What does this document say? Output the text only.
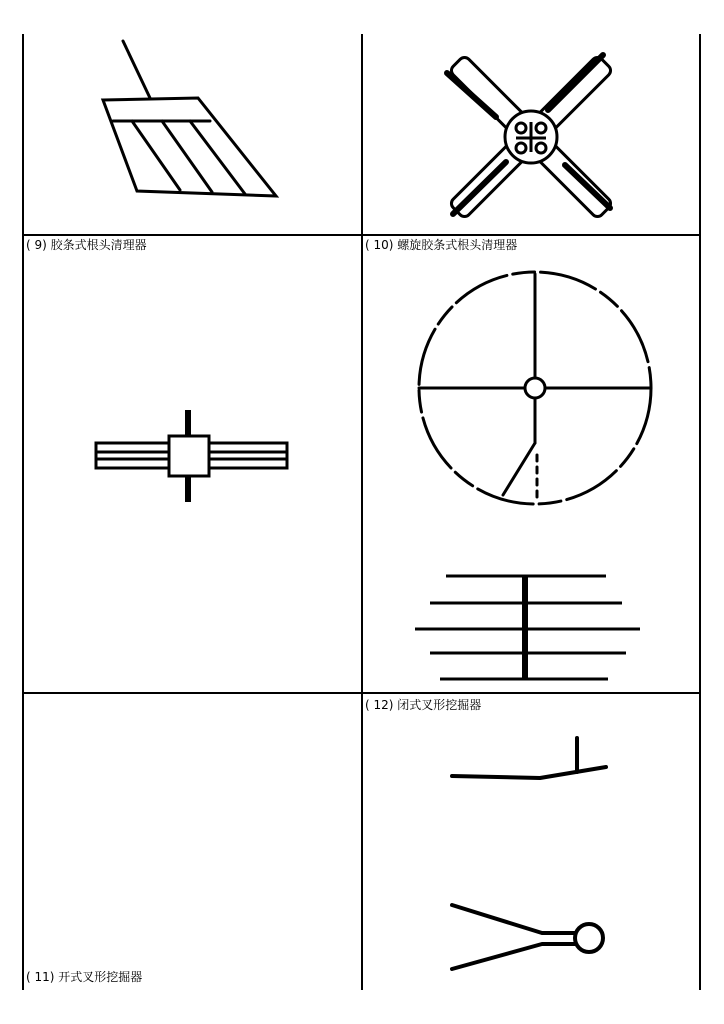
( 9) 胶条式根头清理器	( 10) 螺旋胶条式根头清理器
( 11) 开式叉形挖掘器
( 12) 闭式叉形挖掘器
